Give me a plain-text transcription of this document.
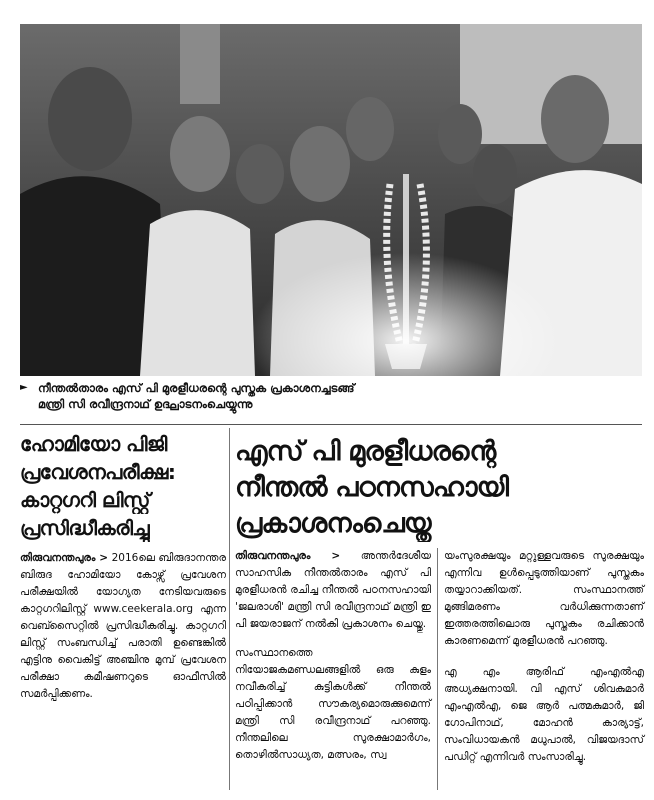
► നീന്തൽതാരം എസ് പി മുരളീധരന്റെ പുസ്തക പ്രകാശനച്ചടങ്ങ്
മന്ത്രി സി രവീന്ദ്രനാഥ് ഉദ്ഘാടനംചെയ്യുന്നു
ഹോമിയോ പിജി
പ്രവേശനപരീക്ഷ:
കാറ്റഗറി ലിസ്റ്റ്
പ്രസിദ്ധീകരിച്ചു

തിരുവനന്തപുരം > 2016ലെ ബിരുദാനന്തര ബിരുദ ഹോമിയോ കോഴ്സ് പ്രവേശന പരീക്ഷയിൽ യോഗ്യത നേടിയവരുടെ കാറ്റഗറിലിസ്റ്റ് www.ceekerala.org എന്ന വെബ്സൈറ്റിൽ പ്രസിദ്ധീകരിച്ചു. കാറ്റഗറി ലിസ്റ്റ് സംബന്ധിച്ച് പരാതി ഉണ്ടെങ്കിൽ എട്ടിനു വൈകിട്ട് അഞ്ചിനു മുമ്പ് പ്രവേശന പരീക്ഷാ കമീഷണറുടെ ഓഫീസിൽ സമർപ്പിക്കണം.

എസ് പി മുരളീധരന്റെ
നീന്തൽ പഠനസഹായി
പ്രകാശനംചെയ്തു

തിരുവനന്തപുരം > അന്തർദേശീയ സാഹസിക നീന്തൽതാരം എസ് പി മുരളീധരൻ രചിച്ച നീന്തൽ പഠനസഹായി 'ജലരാശി' മന്ത്രി സി രവീന്ദ്രനാഥ് മന്ത്രി ഇ പി ജയരാജന് നൽകി പ്രകാശനം ചെയ്തു.

സംസ്ഥാനത്തെ നിയോജകമണ്ഡലങ്ങളിൽ ഒരു കുളം നവീകരിച്ച് കുട്ടികൾക്ക് നീന്തൽ പഠിപ്പിക്കാൻ സൗകര്യമൊരുക്കുമെന്ന് മന്ത്രി സി രവീന്ദ്രനാഥ് പറഞ്ഞു. നീന്തലിലെ സുരക്ഷാമാർഗം, തൊഴിൽസാധ്യത, മത്സരം, സ്വ

യംസുരക്ഷയും മറ്റുള്ളവരുടെ സുരക്ഷയും എന്നിവ ഉൾപ്പെടുത്തിയാണ് പുസ്തകം തയ്യാറാക്കിയത്. സംസ്ഥാനത്ത് മുങ്ങിമരണം വർധിക്കുന്നതാണ് ഇത്തരത്തിലൊരു പുസ്തകം രചിക്കാൻ കാരണമെന്ന് മുരളീധരൻ പറഞ്ഞു.

എ എം ആരിഫ് എംഎൽഎ അധ്യക്ഷനായി. വി എസ് ശിവകുമാർ എംഎൽഎ, ജെ ആർ പത്മകുമാർ, ജി ഗോപിനാഥ്, മോഹൻ കാര്യാട്ട്, സംവിധായകൻ മധുപാൽ, വിജയദാസ് പഡിറ്റ് എന്നിവർ സംസാരിച്ചു.
